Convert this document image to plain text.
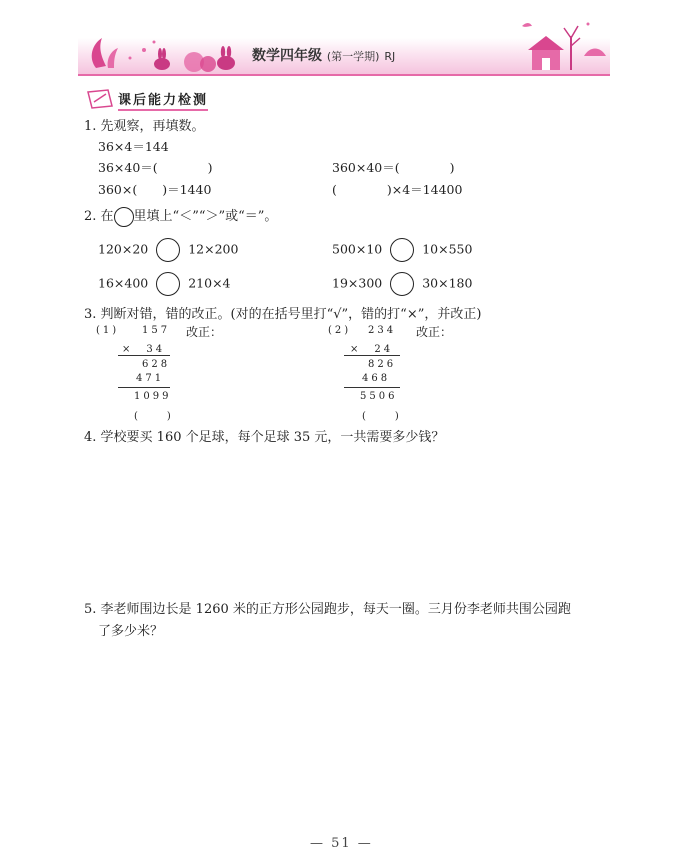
数学四年级 (第一学期) RJ
课后能力检测
1. 先观察，再填数。
36×4＝144
36×40＝(　　　　)	360×40＝(　　　　)
360×(　　)＝1440	(　　　　)×4＝14400
2. 在 里填上“＜”“＞”或“＝”。
120×20	12×200	500×10	10×550
16×400	210×4	19×300	30×180
3. 判断对错，错的改正。(对的在括号里打“√”，错的打“×”，并改正)
(1) 157
×　34
628
471
1099
(　　)
改正：	(2) 234
×　24
826
468
5506
(　　)
改正：
4. 学校要买 160 个足球，每个足球 35 元，一共需要多少钱？
5. 李老师围边长是 1260 米的正方形公园跑步，每天一圈。三月份李老师共围公园跑
了多少米？
— 51 —
